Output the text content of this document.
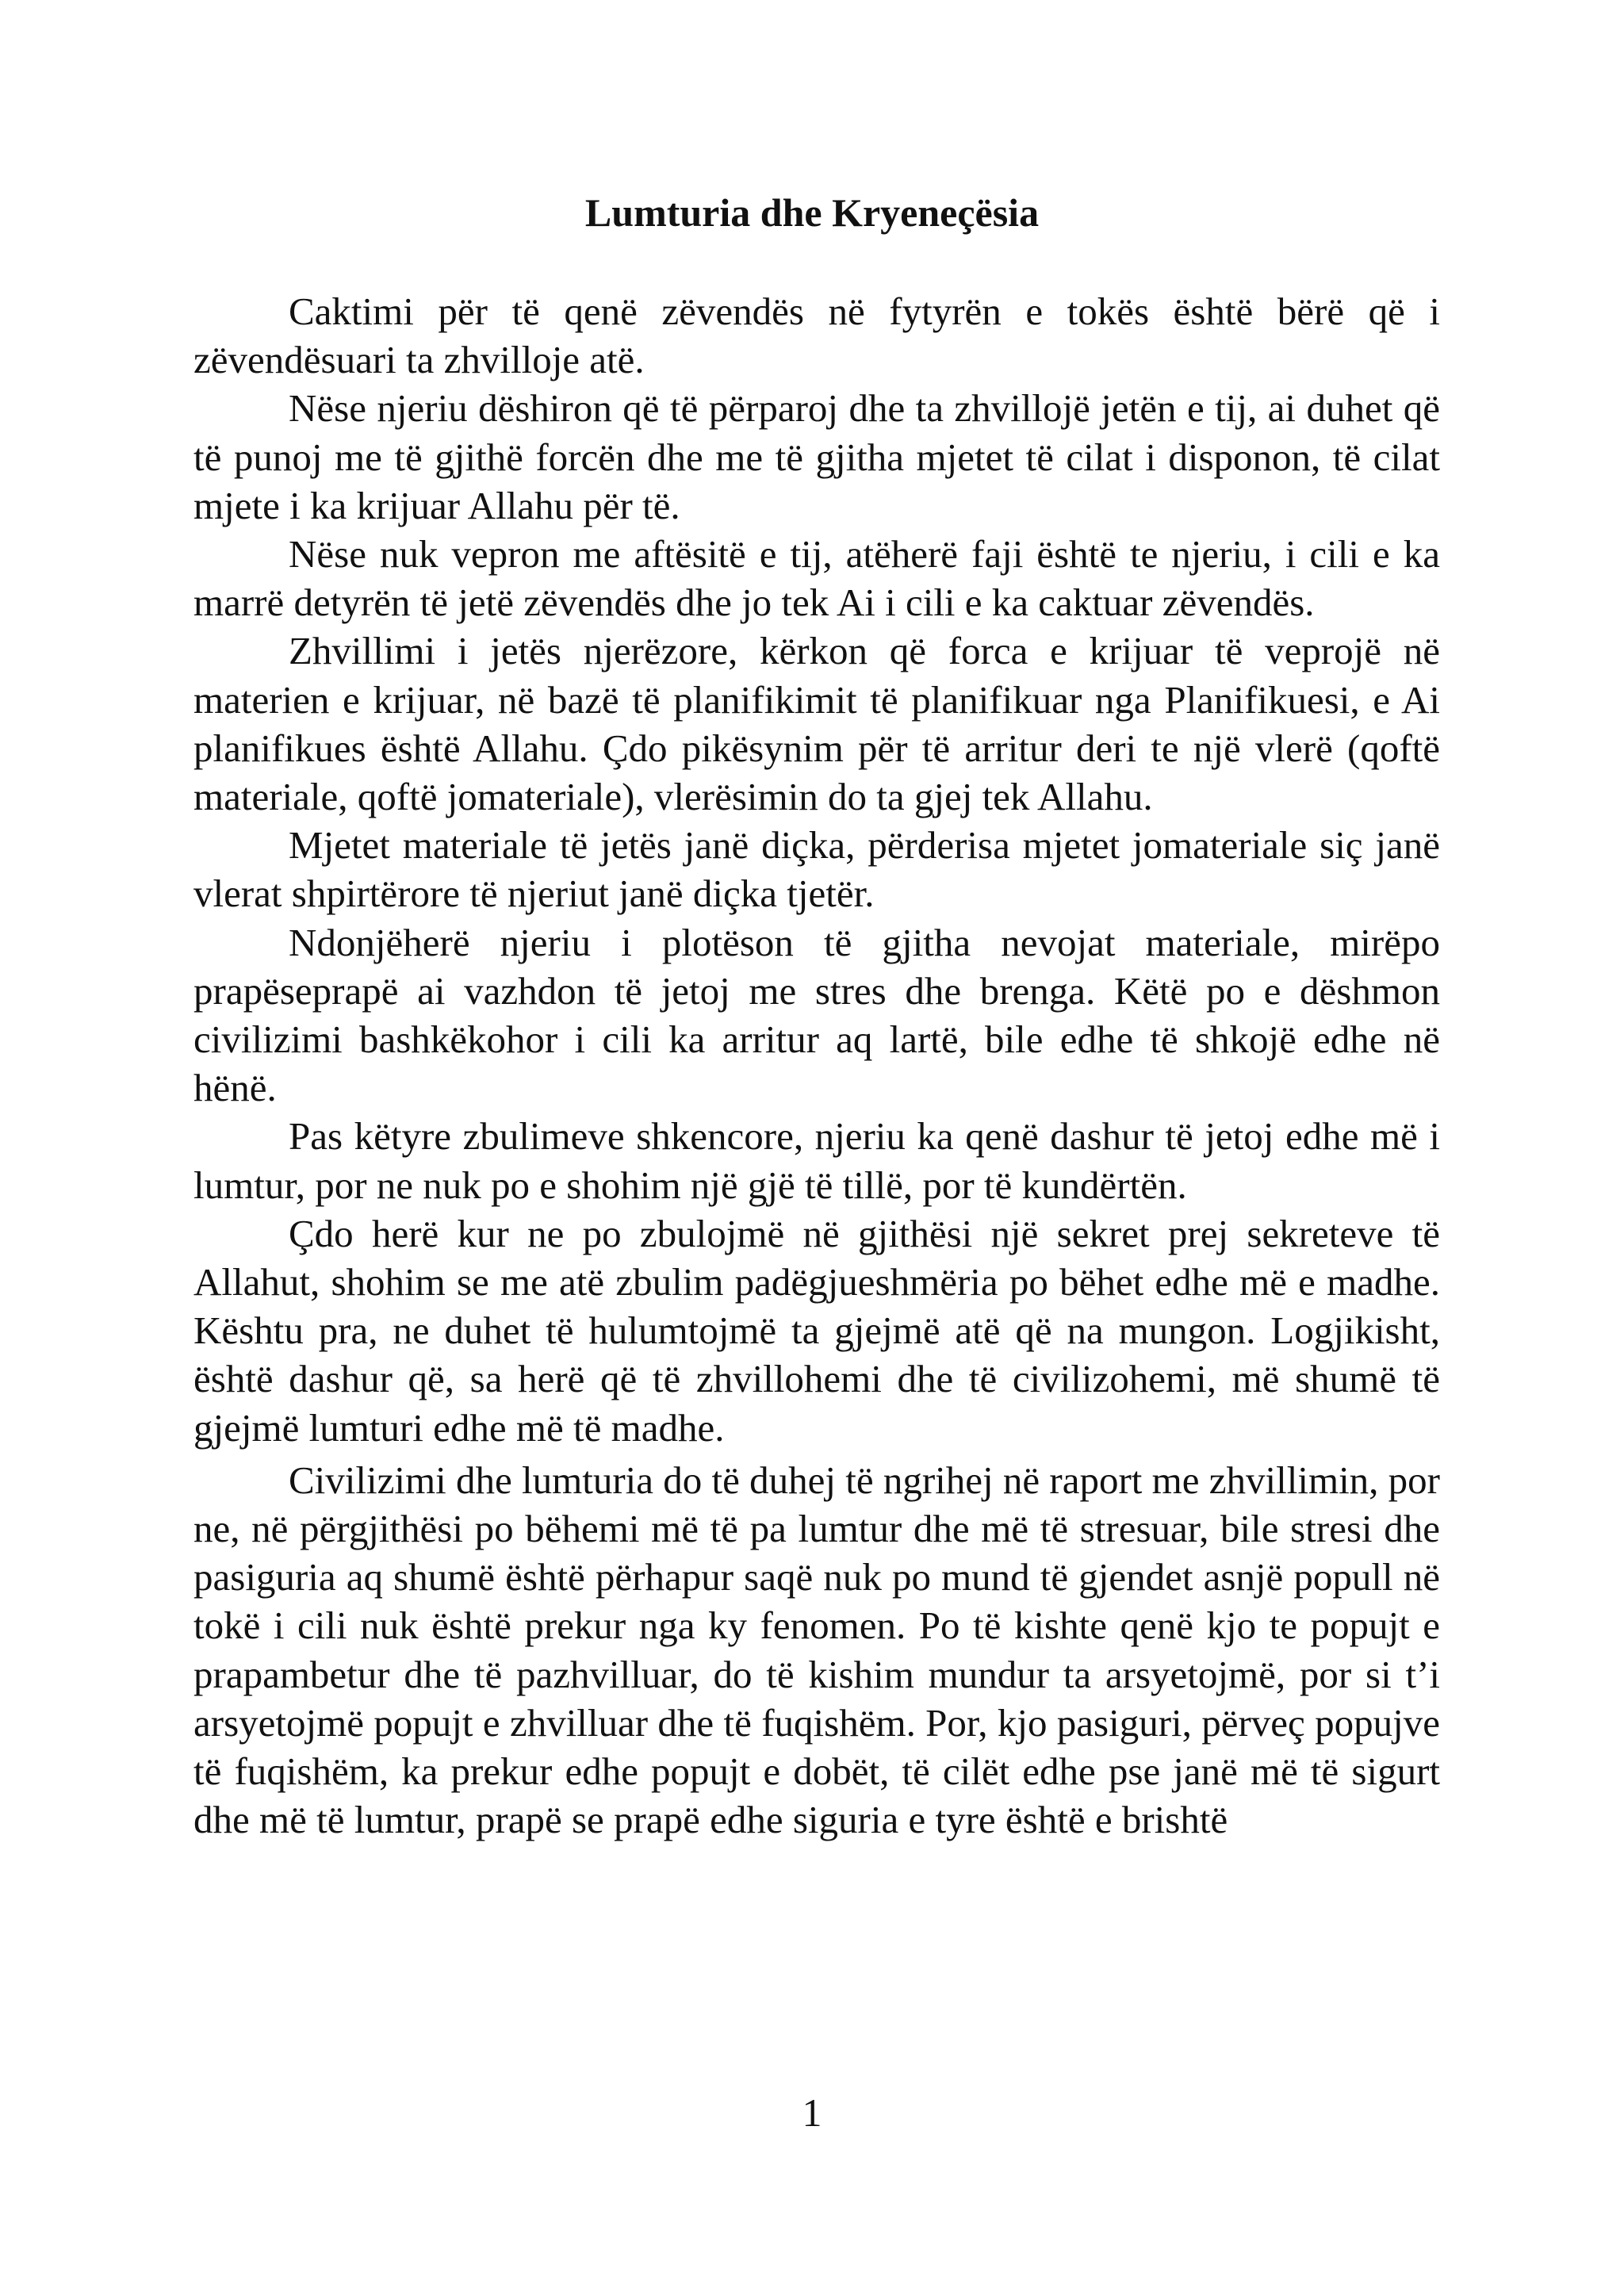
Lumturia dhe Kryeneçësia

Caktimi për të qenë zëvendës në fytyrën e tokës është bërë që i zëvendësuari ta zhvilloje atë.

Nëse njeriu dëshiron që të përparoj dhe ta zhvillojë jetën e tij, ai duhet që të punoj me të gjithë forcën dhe me të gjitha mjetet të cilat i disponon, të cilat mjete i ka krijuar Allahu për të.

Nëse nuk vepron me aftësitë e tij, atëherë faji është te njeriu, i cili e ka marrë detyrën të jetë zëvendës dhe jo tek Ai i cili e ka caktuar zëvendës.

Zhvillimi i jetës njerëzore, kërkon që forca e krijuar të veprojë në materien e krijuar, në bazë të planifikimit të planifikuar nga Planifikuesi, e Ai planifikues është Allahu. Çdo pikësynim për të arritur deri te një vlerë (qoftë materiale, qoftë jomateriale), vlerësimin do ta gjej tek Allahu.

Mjetet materiale të jetës janë diçka, përderisa mjetet jomateriale siç janë vlerat shpirtërore të njeriut janë diçka tjetër.

Ndonjëherë njeriu i plotëson të gjitha nevojat materiale, mirëpo prapëseprapë ai vazhdon të jetoj me stres dhe brenga. Këtë po e dëshmon civilizimi bashkëkohor i cili ka arritur aq lartë, bile edhe të shkojë edhe në hënë.

Pas këtyre zbulimeve shkencore, njeriu ka qenë dashur të jetoj edhe më i lumtur, por ne nuk po e shohim një gjë të tillë, por të kundërtën.

Çdo herë kur ne po zbulojmë në gjithësi një sekret prej sekreteve të Allahut, shohim se me atë zbulim padëgjueshmëria po bëhet edhe më e madhe. Kështu pra, ne duhet të hulumtojmë ta gjejmë atë që na mungon. Logjikisht, është dashur që, sa herë që të zhvillohemi dhe të civilizohemi, më shumë të gjejmë lumturi edhe më të madhe.

Civilizimi dhe lumturia do të duhej të ngrihej në raport me zhvillimin, por ne, në përgjithësi po bëhemi më të pa lumtur dhe më të stresuar, bile stresi dhe pasiguria aq shumë është përhapur saqë nuk po mund të gjendet asnjë popull në tokë i cili nuk është prekur nga ky fenomen. Po të kishte qenë kjo te popujt e prapambetur dhe të pazhvilluar, do të kishim mundur ta arsyetojmë, por si t’i arsyetojmë popujt e zhvilluar dhe të fuqishëm. Por, kjo pasiguri, përveç popujve të fuqishëm, ka prekur edhe popujt e dobët, të cilët edhe pse janë më të sigurt dhe më të lumtur, prapë se prapë edhe siguria e tyre është e brishtë

1
